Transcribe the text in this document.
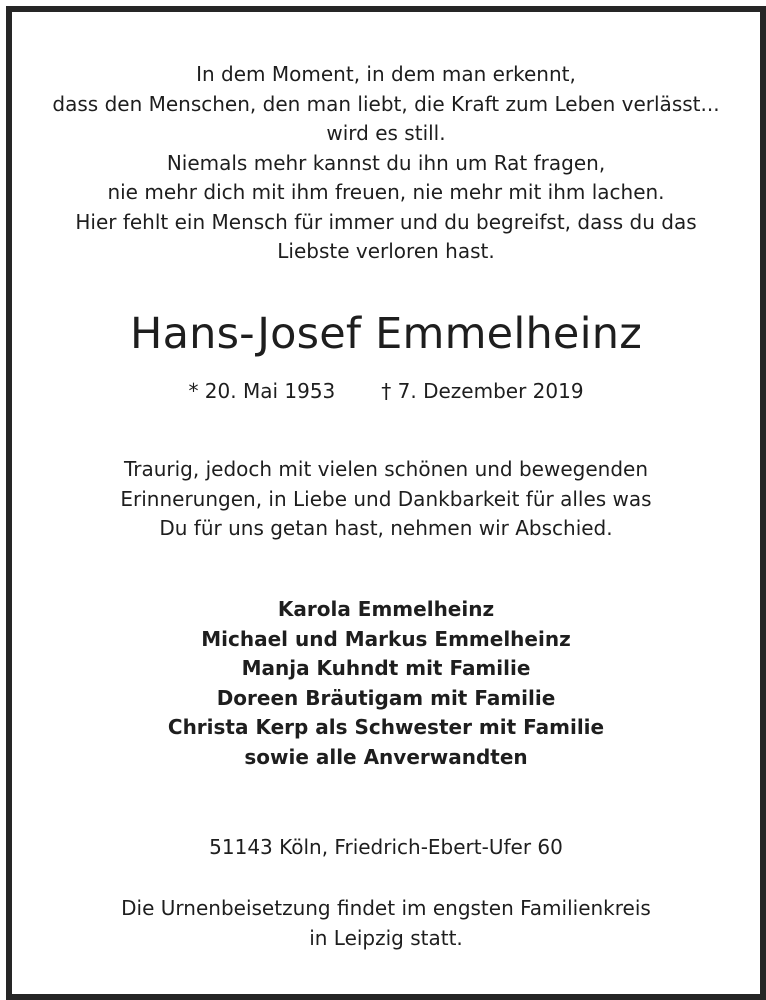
In dem Moment, in dem man erkennt,
dass den Menschen, den man liebt, die Kraft zum Leben verlässt...
wird es still.
Niemals mehr kannst du ihn um Rat fragen,
nie mehr dich mit ihm freuen, nie mehr mit ihm lachen.
Hier fehlt ein Mensch für immer und du begreifst, dass du das
Liebste verloren hast.
Hans-Josef Emmelheinz
* 20. Mai 1953 † 7. Dezember 2019
Traurig, jedoch mit vielen schönen und bewegenden
Erinnerungen, in Liebe und Dankbarkeit für alles was
Du für uns getan hast, nehmen wir Abschied.
Karola Emmelheinz
Michael und Markus Emmelheinz
Manja Kuhndt mit Familie
Doreen Bräutigam mit Familie
Christa Kerp als Schwester mit Familie
sowie alle Anverwandten
51143 Köln, Friedrich-Ebert-Ufer 60
Die Urnenbeisetzung findet im engsten Familienkreis
in Leipzig statt.
